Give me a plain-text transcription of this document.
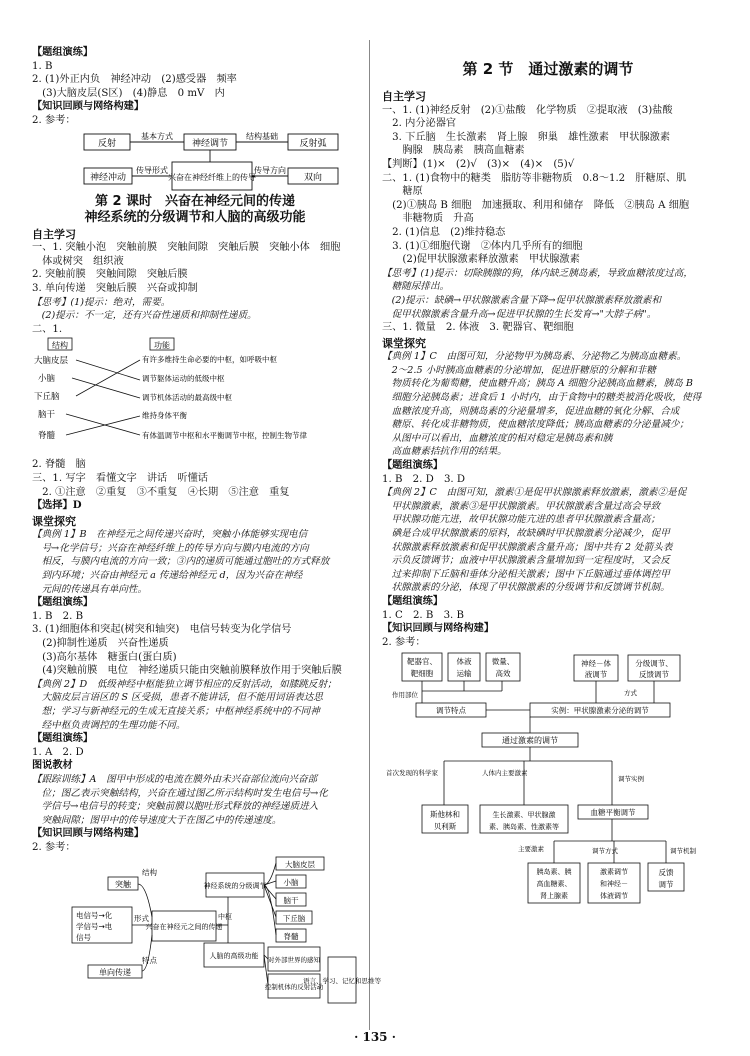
【题组演练】
1. B
2. (1)外正内负　神经冲动　(2)感受器　频率
　(3)大脑皮层(S区)　(4)静息　0 mV　内
【知识回顾与网络构建】
2. 参考：
反射
基本方式
神经调节
结构基础
反射弧
神经冲动
传导形式
兴奋在神经纤维上的传导
传导方向
双向
第 2 课时　兴奋在神经元间的传递
神经系统的分级调节和人脑的高级功能
自主学习
一、1. 突触小泡　突触前膜　突触间隙　突触后膜　突触小体　细胞
　体或树突　组织液
2. 突触前膜　突触间隙　突触后膜
3. 单向传递　突触后膜　兴奋或抑制
【思考】(1)提示：绝对，需要。
　(2)提示：不一定，还有兴奋性递质和抑制性递质。
二、1.
结构	功能
大脑皮层
小脑
下丘脑
脑干
脊髓
有许多维持生命必要的中枢，如呼吸中枢
调节躯体运动的低级中枢
调节机体活动的最高级中枢
维持身体平衡
有体温调节中枢和水平衡调节中枢，控制生物节律
2. 脊髓　脑
三、1. 写字　看懂文字　讲话　听懂话
　2. ①注意　②重复　③不重复　④长期　⑤注意　重复
【选择】D
课堂探究
【典例 1】B　在神经元之间传递兴奋时，突触小体能够实现电信
　号→化学信号；兴奋在神经纤维上的传导方向与膜内电流的方向
　相反，与膜内电流的方向一致；③内的递质可能通过胞吐的方式释放
　到内环境；兴奋由神经元 a 传递给神经元 d，因为兴奋在神经
　元间的传递具有单向性。
【题组演练】
1. B　2. B
3. (1)细胞体和突起(树突和轴突)　电信号转变为化学信号
　(2)抑制性递质　兴奋性递质
　(3)高尔基体　糖蛋白(蛋白质)
　(4)突触前膜　电位　神经递质只能由突触前膜释放作用于突触后膜
【典例 2】D　低级神经中枢能独立调节相应的反射活动，如膝跳反射；
　大脑皮层言语区的 S 区受损，患者不能讲话，但不能用词语表达思
　想；学习与新神经元的生成无直接关系；中枢神经系统中的不同神
　经中枢负责调控的生理功能不同。
【题组演练】
1. A　2. D
图说教材
【跟踪训练】A　图甲中形成的电流在膜外由未兴奋部位流向兴奋部
　位；图乙表示突触结构，兴奋在通过图乙所示结构时发生电信号→化
　学信号→电信号的转变；突触前膜以胞吐形式释放的神经递质进入
　突触间隙；图甲中的传导速度大于在图乙中的传递速度。
【知识回顾与网络构建】
2. 参考：
突触
结构
电信号→化
学信号→电
信号
形式
兴奋在神经元之间的传递
单向传递
特点
神经系统的分级调节
中枢
人脑的高级功能
大脑皮层
小脑
脑干
下丘脑
脊髓
对外部世界的感知
控制机体的反射活动
语言、学习、记忆和思维等
第 2 节　通过激素的调节
自主学习
一、1. (1)神经反射　(2)①盐酸　化学物质　②提取液　(3)盐酸
　2. 内分泌器官
　3. 下丘脑　生长激素　肾上腺　卵巢　雄性激素　甲状腺激素
　　胸腺　胰岛素　胰高血糖素
【判断】(1)×　(2)√　(3)×　(4)×　(5)√
二、1. (1)食物中的糖类　脂肪等非糖物质　0.8～1.2　肝糖原、肌
　　糖原
　(2)①胰岛 B 细胞　加速摄取、利用和储存　降低　②胰岛 A 细胞
　　非糖物质　升高
　2. (1)信息　(2)维持稳态
　3. (1)①细胞代谢　②体内几乎所有的细胞
　　(2)促甲状腺激素释放激素　甲状腺激素
【思考】(1)提示：切除胰腺的狗，体内缺乏胰岛素，导致血糖浓度过高，
　糖随尿排出。
　(2)提示：缺碘→甲状腺激素含量下降→促甲状腺激素释放激素和
　促甲状腺激素含量升高→促进甲状腺的生长发育→"大脖子病"。
三、1. 微量　2. 体液　3. 靶器官、靶细胞
课堂探究
【典例 1】C　由图可知，分泌物甲为胰岛素、分泌物乙为胰高血糖素。
　2～2.5 小时胰高血糖素的分泌增加，促进肝糖原的分解和非糖
　物质转化为葡萄糖，使血糖升高；胰岛 A 细胞分泌胰高血糖素，胰岛 B
　细胞分泌胰岛素；进食后 1 小时内，由于食物中的糖类被消化吸收，使得
　血糖浓度升高，则胰岛素的分泌量增多，促进血糖的氧化分解、合成
　糖原、转化成非糖物质，使血糖浓度降低；胰高血糖素的分泌量减少；
　从图中可以看出，血糖浓度的相对稳定是胰岛素和胰
　高血糖素拮抗作用的结果。
【题组演练】
1. B　2. D　3. D
【典例 2】C　由图可知，激素①是促甲状腺激素释放激素，激素②是促
　甲状腺激素，激素③是甲状腺激素。甲状腺激素含量过高会导致
　甲状腺功能亢进，故甲状腺功能亢进的患者甲状腺激素含量高；
　碘是合成甲状腺激素的原料，故缺碘时甲状腺激素分泌减少，促甲
　状腺激素释放激素和促甲状腺激素含量升高；图中共有 2 处箭头表
　示负反馈调节；血液中甲状腺激素含量增加到一定程度时，又会反
　过来抑制下丘脑和垂体分泌相关激素；图中下丘脑通过垂体调控甲
　状腺激素的分泌，体现了甲状腺激素的分级调节和反馈调节机制。
【题组演练】
1. C　2. B　3. B
【知识回顾与网络构建】
2. 参考：
靶器官、
靶细胞
体液
运输
微量、
高效
神经－体
液调节
分级调节、
反馈调节
调节特点	实例：甲状腺激素分泌的调节
通过激素的调节
斯他林和
贝利斯
生长激素、甲状腺激
素、胰岛素、性激素等
血糖平衡调节
胰岛素、胰
高血糖素、
肾上腺素
激素调节
和神经－
体液调节
反馈
调节
作用部位	方式
首次发现的科学家	人体内主要激素
调节实例
主要激素	调节方式	调节机制
· 135 ·
